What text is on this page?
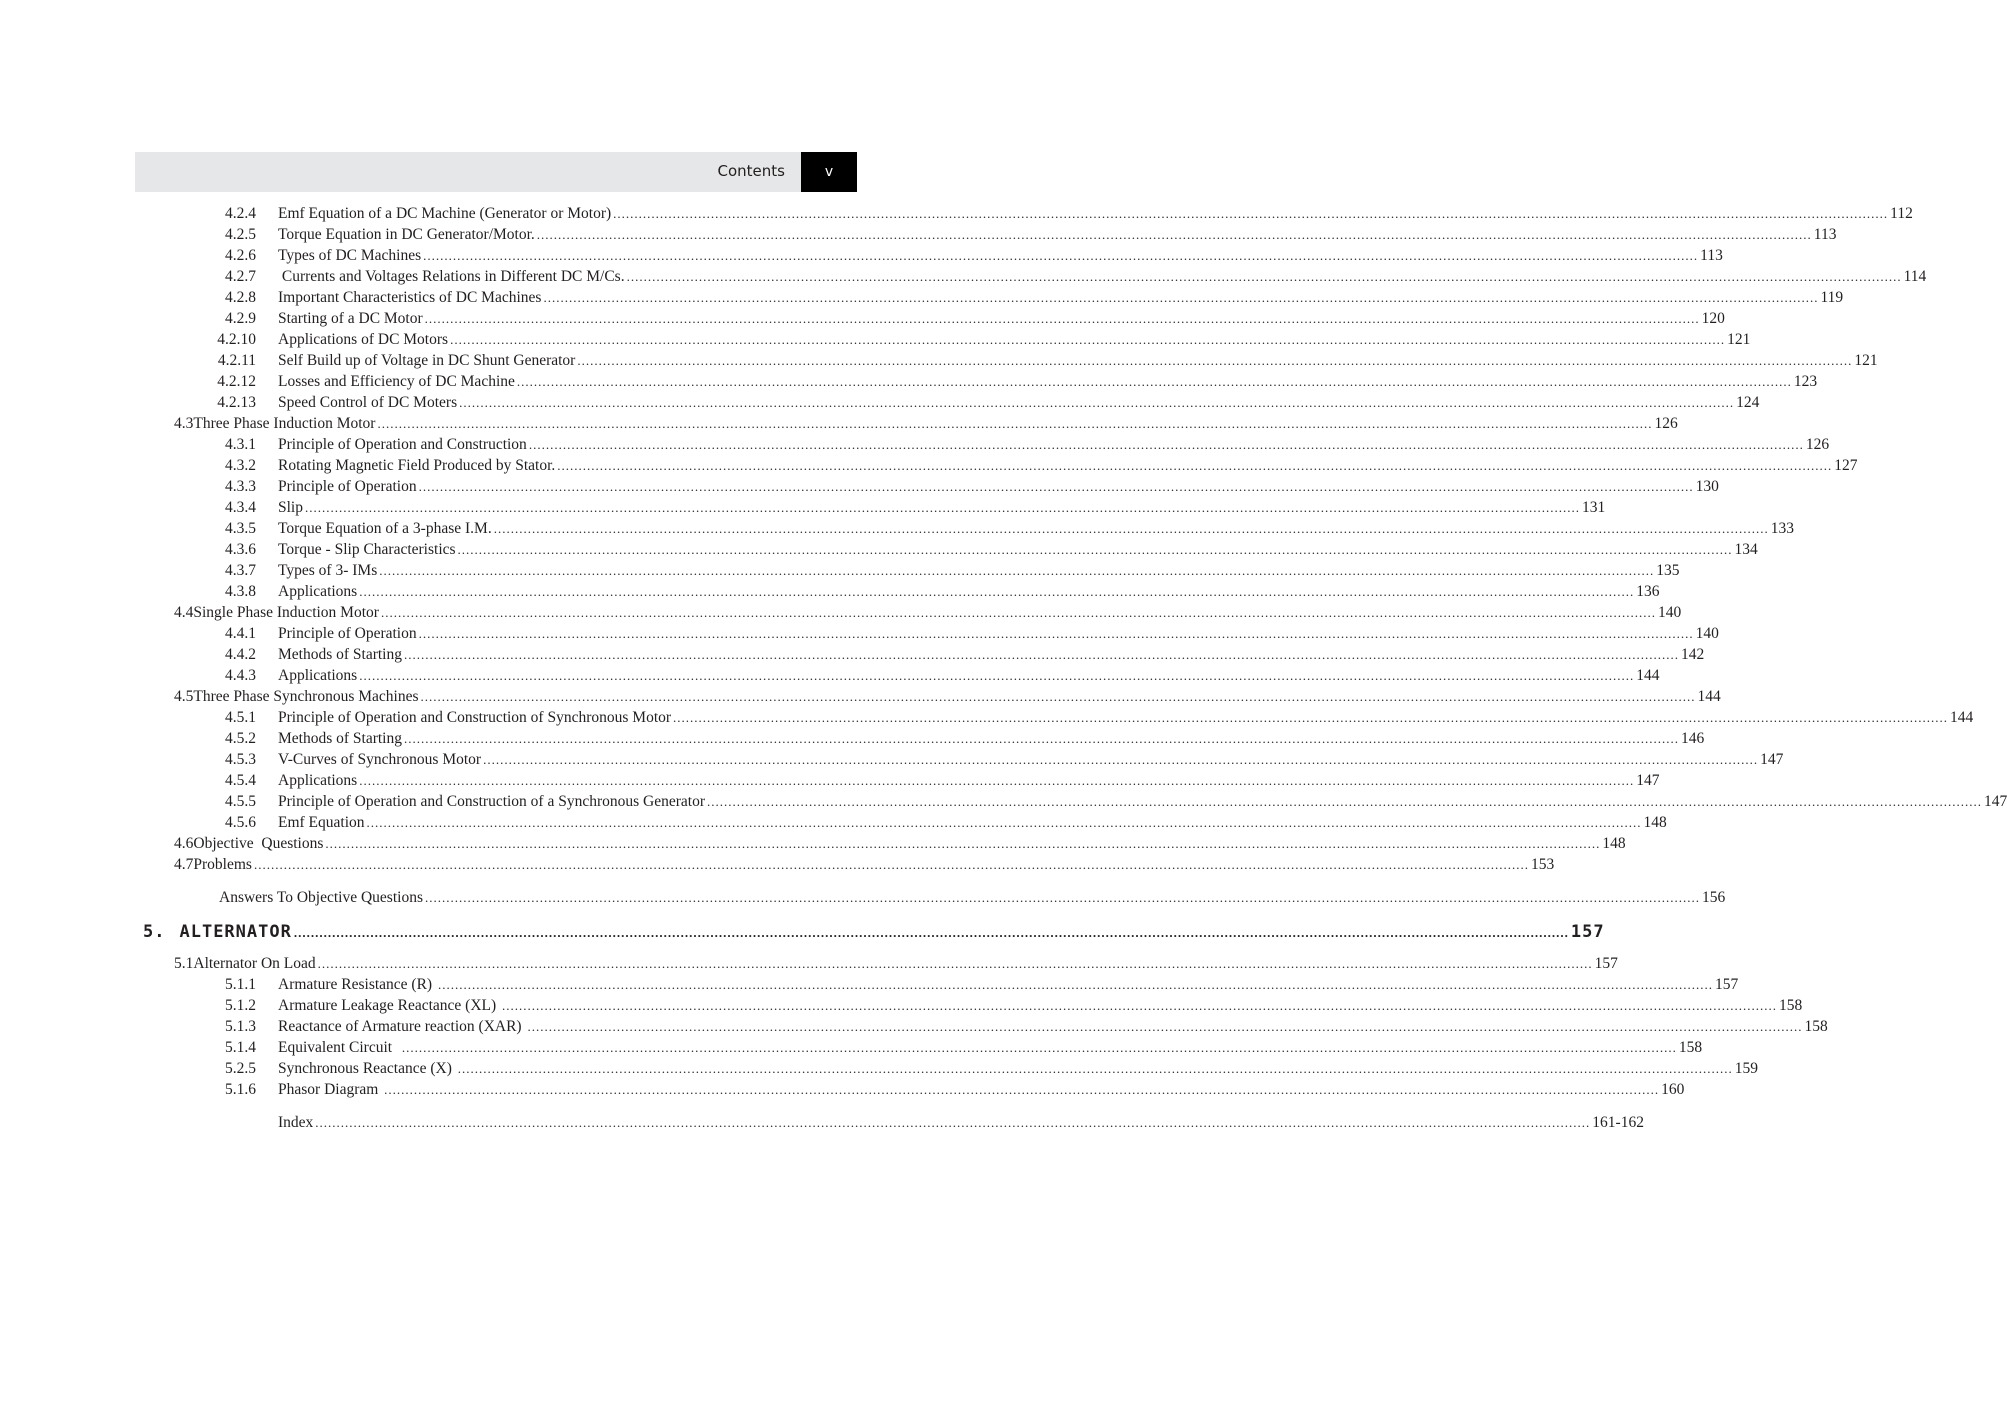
Contents	v
4.2.4 Emf Equation of a DC Machine (Generator or Motor) ............................................................................................................................................................................................................................................................................................................ 112
4.2.5 Torque Equation in DC Generator/Motor. ............................................................................................................................................................................................................................................................................................................ 113
4.2.6 Types of DC Machines ............................................................................................................................................................................................................................................................................................................ 113
4.2.7 Currents and Voltages Relations in Different DC M/Cs. ............................................................................................................................................................................................................................................................................................................ 114
4.2.8 Important Characteristics of DC Machines ............................................................................................................................................................................................................................................................................................................ 119
4.2.9 Starting of a DC Motor ............................................................................................................................................................................................................................................................................................................ 120
4.2.10 Applications of DC Motors ............................................................................................................................................................................................................................................................................................................ 121
4.2.11 Self Build up of Voltage in DC Shunt Generator ............................................................................................................................................................................................................................................................................................................ 121
4.2.12 Losses and Efficiency of DC Machine ............................................................................................................................................................................................................................................................................................................ 123
4.2.13 Speed Control of DC Moters ............................................................................................................................................................................................................................................................................................................ 124
4.3 Three Phase Induction Motor ............................................................................................................................................................................................................................................................................................................ 126
4.3.1 Principle of Operation and Construction ............................................................................................................................................................................................................................................................................................................ 126
4.3.2 Rotating Magnetic Field Produced by Stator. ............................................................................................................................................................................................................................................................................................................ 127
4.3.3 Principle of Operation ............................................................................................................................................................................................................................................................................................................ 130
4.3.4 Slip ............................................................................................................................................................................................................................................................................................................ 131
4.3.5 Torque Equation of a 3-phase I.M. ............................................................................................................................................................................................................................................................................................................ 133
4.3.6 Torque - Slip Characteristics ............................................................................................................................................................................................................................................................................................................ 134
4.3.7 Types of 3- IMs ............................................................................................................................................................................................................................................................................................................ 135
4.3.8 Applications ............................................................................................................................................................................................................................................................................................................ 136
4.4 Single Phase Induction Motor ............................................................................................................................................................................................................................................................................................................ 140
4.4.1 Principle of Operation ............................................................................................................................................................................................................................................................................................................ 140
4.4.2 Methods of Starting ............................................................................................................................................................................................................................................................................................................ 142
4.4.3 Applications ............................................................................................................................................................................................................................................................................................................ 144
4.5 Three Phase Synchronous Machines ............................................................................................................................................................................................................................................................................................................ 144
4.5.1 Principle of Operation and Construction of Synchronous Motor ............................................................................................................................................................................................................................................................................................................ 144
4.5.2 Methods of Starting ............................................................................................................................................................................................................................................................................................................ 146
4.5.3 V-Curves of Synchronous Motor ............................................................................................................................................................................................................................................................................................................ 147
4.5.4 Applications ............................................................................................................................................................................................................................................................................................................ 147
4.5.5 Principle of Operation and Construction of a Synchronous Generator ............................................................................................................................................................................................................................................................................................................ 147
4.5.6 Emf Equation ............................................................................................................................................................................................................................................................................................................ 148
4.6 Objective  Questions ............................................................................................................................................................................................................................................................................................................ 148
4.7 Problems ............................................................................................................................................................................................................................................................................................................ 153
Answers To Objective Questions ............................................................................................................................................................................................................................................................................................................ 156
5. ALTERNATOR ............................................................................................................................................................................................................................................................................................................ 157
5.1 Alternator On Load ............................................................................................................................................................................................................................................................................................................ 157
5.1.1 Armature Resistance (R) ............................................................................................................................................................................................................................................................................................................ 157
5.1.2 Armature Leakage Reactance (XL) ............................................................................................................................................................................................................................................................................................................ 158
5.1.3 Reactance of Armature reaction (XAR) ............................................................................................................................................................................................................................................................................................................ 158
5.1.4 Equivalent Circuit ............................................................................................................................................................................................................................................................................................................ 158
5.2.5 Synchronous Reactance (X) ............................................................................................................................................................................................................................................................................................................ 159
5.1.6 Phasor Diagram ............................................................................................................................................................................................................................................................................................................ 160
Index ............................................................................................................................................................................................................................................................................................................ 161-162
